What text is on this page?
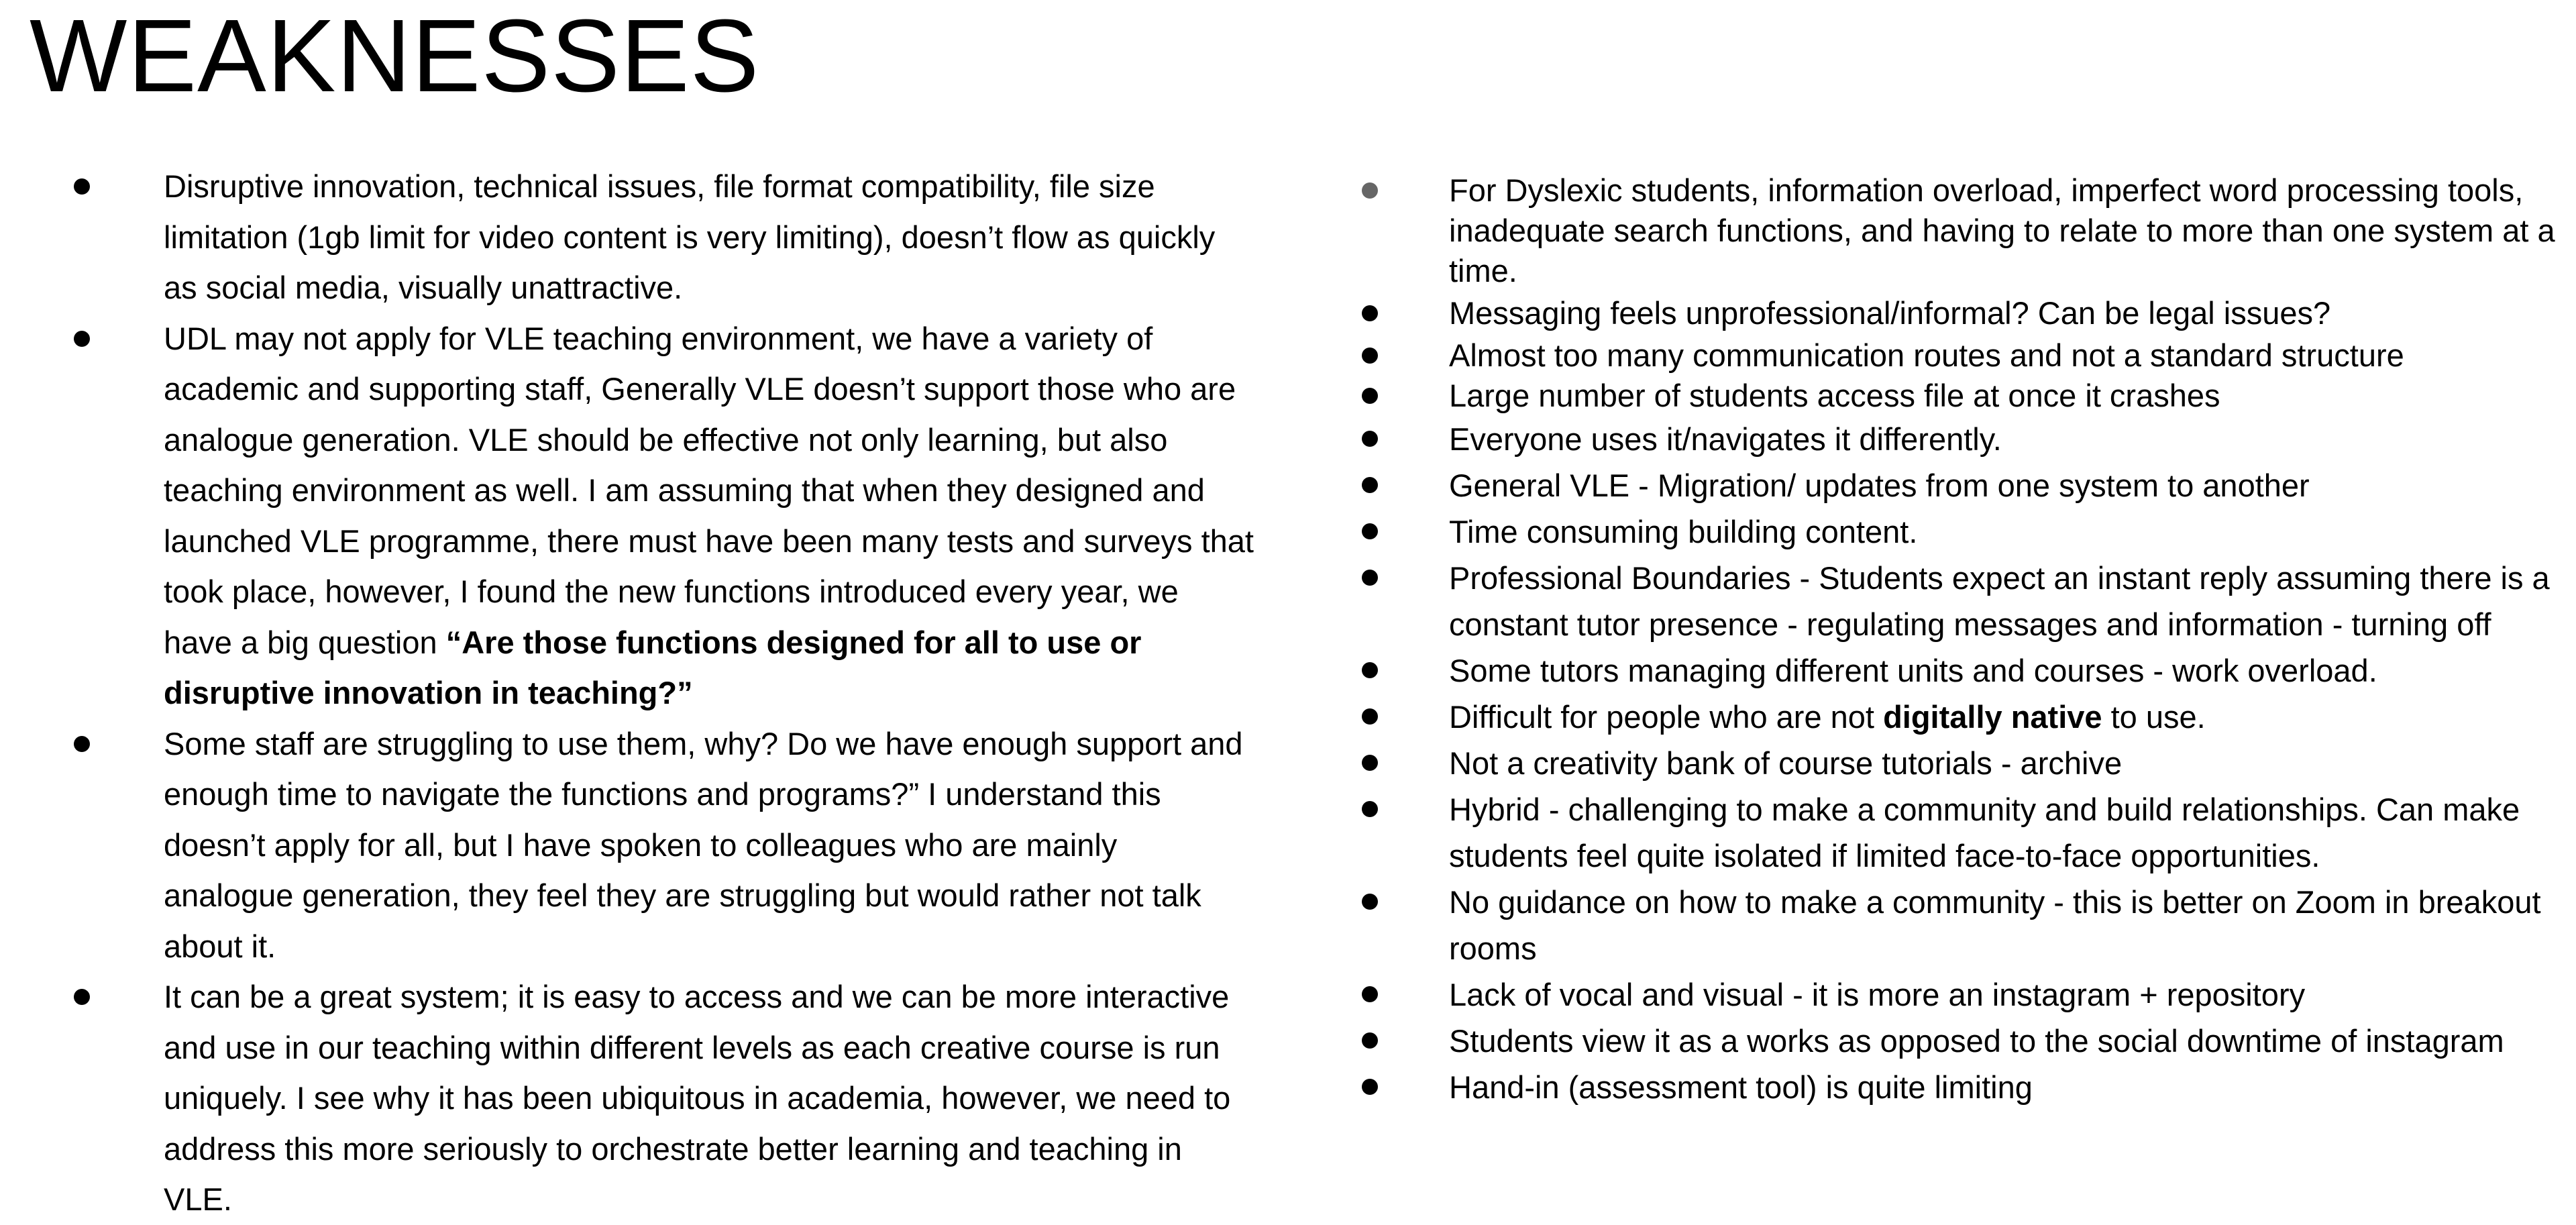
WEAKNESSES
Disruptive innovation, technical issues, file format compatibility, file size limitation (1gb limit for video content is very limiting), doesn’t flow as quickly as social media, visually unattractive.
UDL may not apply for VLE teaching environment, we have a variety of academic and supporting staff, Generally VLE doesn’t support those who are analogue generation. VLE should be effective not only learning, but also teaching environment as well. I am assuming that when they designed and launched VLE programme, there must have been many tests and surveys that took place, however, I found the new functions introduced every year, we have a big question “Are those functions designed for all to use or disruptive innovation in teaching?”
Some staff are struggling to use them, why? Do we have enough support and enough time to navigate the functions and programs?” I understand this doesn’t apply for all, but I have spoken to colleagues who are mainly analogue generation, they feel they are struggling but would rather not talk about it.
It can be a great system; it is easy to access and we can be more interactive and use in our teaching within different levels as each creative course is run uniquely. I see why it has been ubiquitous in academia, however, we need to address this more seriously to orchestrate better learning and teaching in VLE.
For Dyslexic students, information overload, imperfect word processing tools, inadequate search functions, and having to relate to more than one system at a time.
Messaging feels unprofessional/informal? Can be legal issues?
Almost too many communication routes and not a standard structure
Large number of students access file at once it crashes
Everyone uses it/navigates it differently.
General VLE - Migration/ updates from one system to another
Time consuming building content.
Professional Boundaries - Students expect an instant reply assuming there is a constant tutor presence - regulating messages and information - turning off
Some tutors managing different units and courses - work overload.
Difficult for people who are not digitally native to use.
Not a creativity bank of course tutorials - archive
Hybrid - challenging to make a community and build relationships. Can make students feel quite isolated if limited face-to-face opportunities.
No guidance on how to make a community - this is better on Zoom in breakout rooms
Lack of vocal and visual - it is more an instagram + repository
Students view it as a works as opposed to the social downtime of instagram
Hand-in (assessment tool) is quite limiting
